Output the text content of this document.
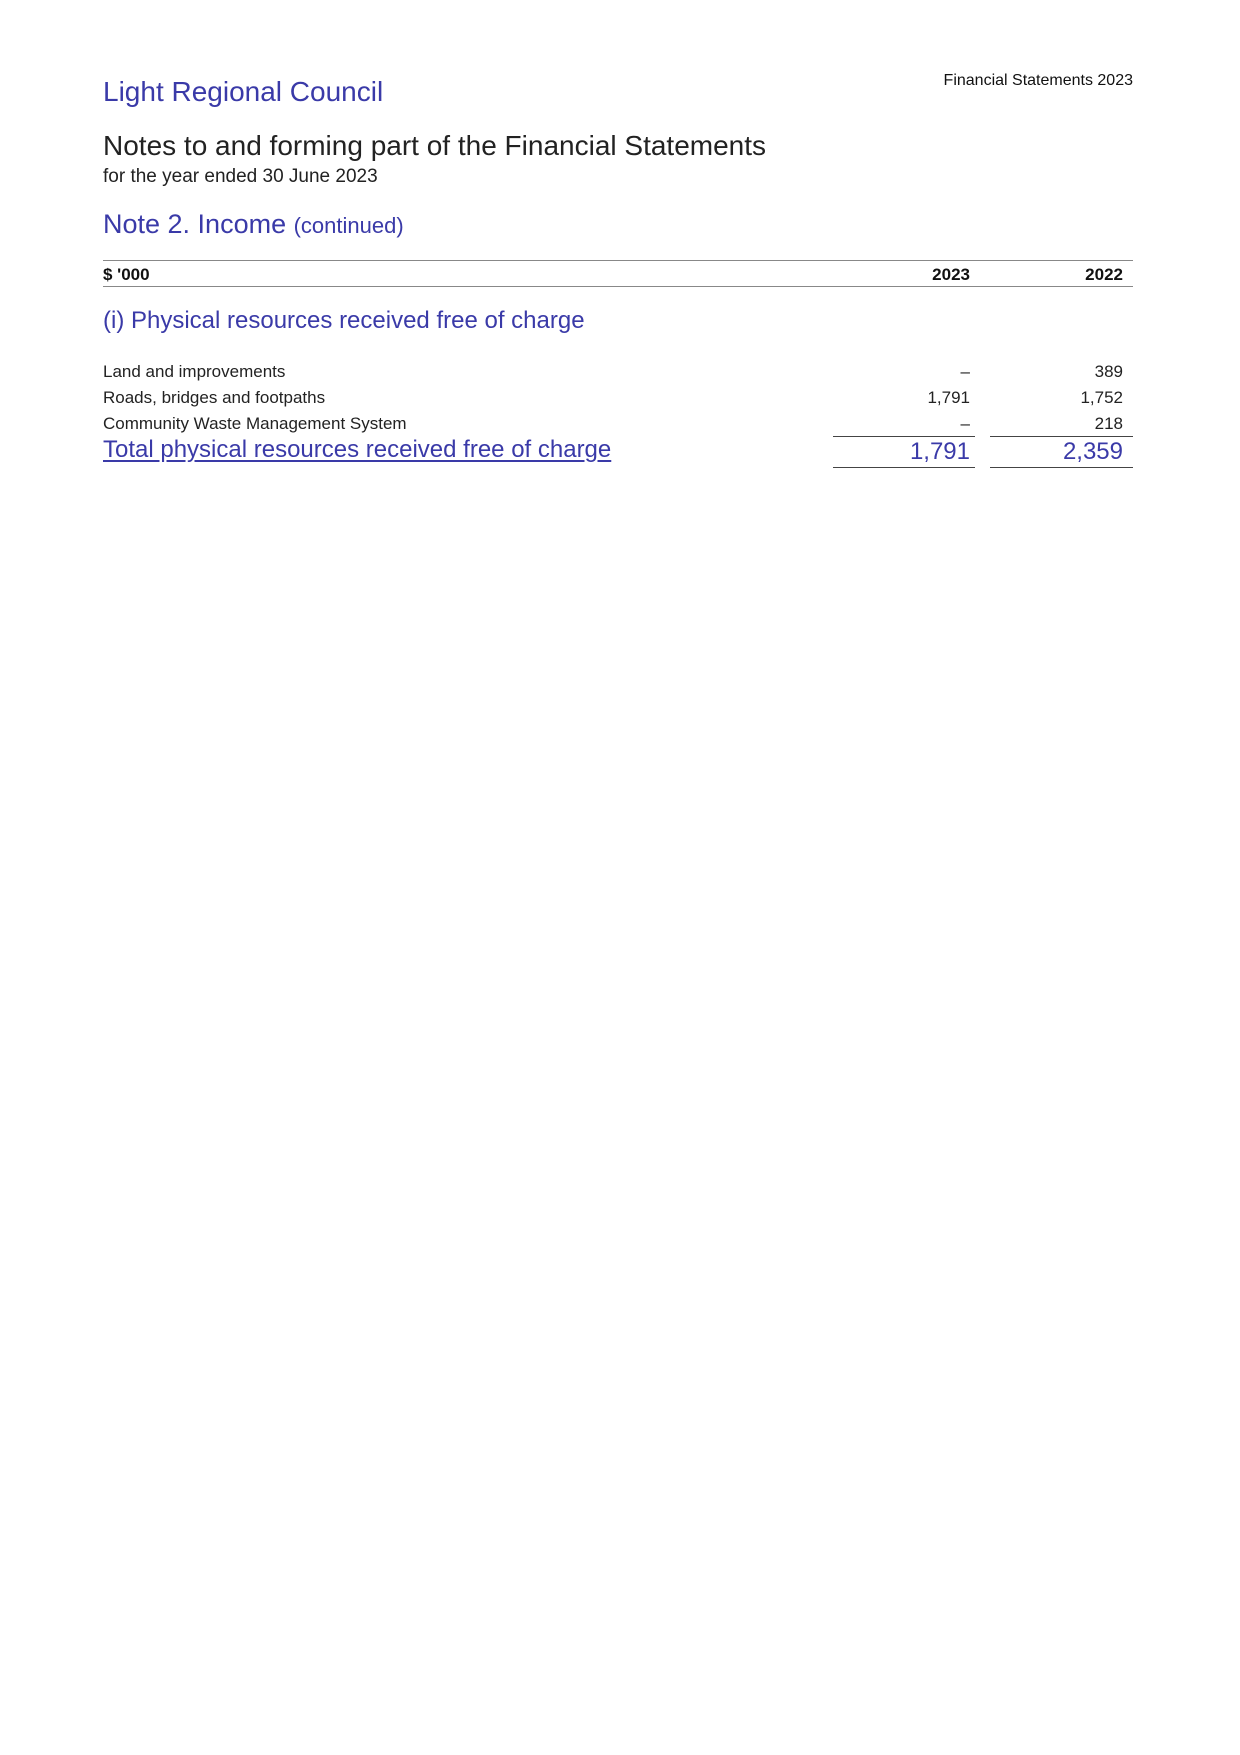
Light Regional Council	Financial Statements 2023
Notes to and forming part of the Financial Statements
for the year ended 30 June 2023
Note 2. Income (continued)
$ '000	2023	2022
(i) Physical resources received free of charge
Land and improvements	–	389
Roads, bridges and footpaths	1,791	1,752
Community Waste Management System	–	218
Total physical resources received free of charge	1,791	2,359
